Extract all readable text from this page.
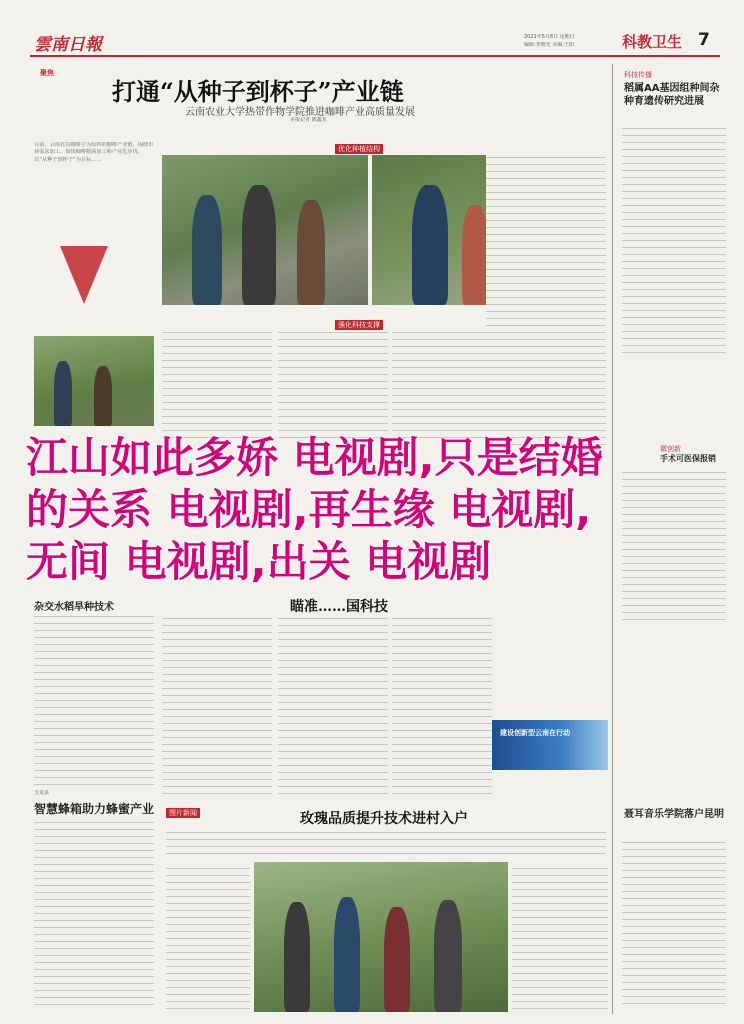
雲南日報	2021年5月8日 星期日
编辑:李增光 美编:王阳	科教卫生 7
聚焦
打通“从种子到杯子”产业链
云南农业大学热带作物学院推进咖啡产业高质量发展
本报记者 陈鑫龙
目前，云南省以咖啡豆为原料的咖啡产业链，围绕市场需求加工、加快咖啡精深加工和产业化步伐，以“从种子到杯子”为目标……
优化种植结构
强化科技支撑
科技传播
稻属AA基因组种间杂种育遗传研究进展
微创新
手术可医保报销
聂耳音乐学院落户昆明
杂交水稻旱种技术
玉龙县
智慧蜂箱助力蜂蜜产业
瞄准……国科技
建设创新型云南在行动
图片新闻	玫瑰品质提升技术进村入户
江山如此多娇 电视剧,只是结婚的关系 电视剧,再生缘 电视剧,无间 电视剧,出关 电视剧
